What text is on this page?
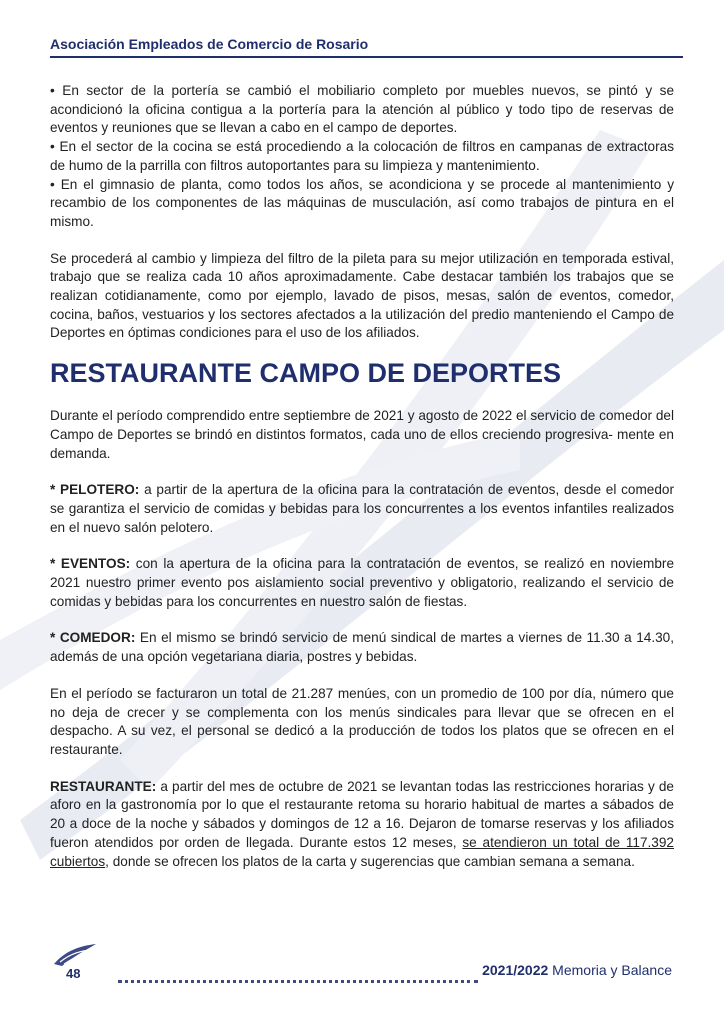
Asociación Empleados de Comercio de Rosario

• En sector de la portería se cambió el mobiliario completo por muebles nuevos, se pintó y se acondicionó la oficina contigua a la portería para la atención al público y todo tipo de reservas de eventos y reuniones que se llevan a cabo en el campo de deportes.

• En el sector de la cocina se está procediendo a la colocación de filtros en campanas de extractoras de humo de la parrilla con filtros autoportantes para su limpieza y mantenimiento.

• En el gimnasio de planta, como todos los años, se acondiciona y se procede al mantenimiento y recambio de los componentes de las máquinas de musculación, así como trabajos de pintura en el mismo.

Se procederá al cambio y limpieza del filtro de la pileta para su mejor utilización en temporada estival, trabajo que se realiza cada 10 años aproximadamente. Cabe destacar también los trabajos que se realizan cotidianamente, como por ejemplo, lavado de pisos, mesas, salón de eventos, comedor, cocina, baños, vestuarios y los sectores afectados a la utilización del predio manteniendo el Campo de Deportes en óptimas condiciones para el uso de los afiliados.

RESTAURANTE CAMPO DE DEPORTES

Durante el período comprendido entre septiembre de 2021 y agosto de 2022 el servicio de comedor del Campo de Deportes se brindó en distintos formatos, cada uno de ellos creciendo progresiva- mente en demanda.

* PELOTERO: a partir de la apertura de la oficina para la contratación de eventos, desde el comedor se garantiza el servicio de comidas y bebidas para los concurrentes a los eventos infantiles realizados en el nuevo salón pelotero.

* EVENTOS: con la apertura de la oficina para la contratación de eventos, se realizó en noviembre 2021 nuestro primer evento pos aislamiento social preventivo y obligatorio, realizando el servicio de comidas y bebidas para los concurrentes en nuestro salón de fiestas.

* COMEDOR: En el mismo se brindó servicio de menú sindical de martes a viernes de 11.30 a 14.30, además de una opción vegetariana diaria, postres y bebidas.

En el período se facturaron un total de 21.287 menúes, con un promedio de 100 por día, número que no deja de crecer y se complementa con los menús sindicales para llevar que se ofrecen en el despacho. A su vez, el personal se dedicó a la producción de todos los platos que se ofrecen en el restaurante.

RESTAURANTE: a partir del mes de octubre de 2021 se levantan todas las restricciones horarias y de aforo en la gastronomía por lo que el restaurante retoma su horario habitual de martes a sábados de 20 a doce de la noche y sábados y domingos de 12 a 16. Dejaron de tomarse reservas y los afiliados fueron atendidos por orden de llegada. Durante estos 12 meses, se atendieron un total de 117.392 cubiertos, donde se ofrecen los platos de la carta y sugerencias que cambian semana a semana.

48	2021/2022 Memoria y Balance
